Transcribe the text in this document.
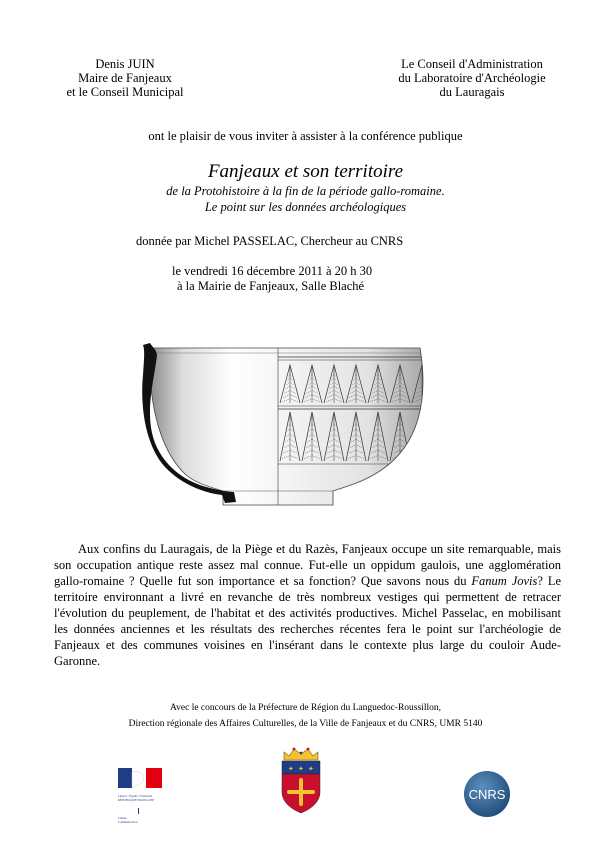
Denis JUIN
Maire de Fanjeaux
et le Conseil Municipal
Le Conseil d'Administration
du Laboratoire d'Archéologie
du Lauragais
ont le plaisir de vous inviter à assister à la conférence publique
Fanjeaux et son territoire
de la Protohistoire à la fin de la période gallo-romaine.
Le point sur les données archéologiques
donnée par Michel PASSELAC, Chercheur au CNRS
le vendredi 16 décembre 2011 à 20 h 30
à la Mairie de Fanjeaux, Salle Blaché

Aux confins du Lauragais, de la Piège et du Razès, Fanjeaux occupe un site remarquable, mais son occupation antique reste assez mal connue. Fut-elle un oppidum gaulois, une agglomération gallo-romaine ? Quelle fut son importance et sa fonction? Que savons nous du Fanum Jovis? Le territoire environnant a livré en revanche de très nombreux vestiges qui permettent de retracer l'évolution du peuplement, de l'habitat et des activités productives. Michel Passelac, en mobilisant les données anciennes et les résultats des recherches récentes fera le point sur l'archéologie de Fanjeaux et des communes voisines en l'insérant dans le contexte plus large du couloir Aude-Garonne.

Avec le concours de la Préfecture de Région du Languedoc-Roussillon,
Direction régionale des Affaires Culturelles, de la Ville de Fanjeaux et du CNRS, UMR 5140
Liberté • Égalité • Fraternité
RÉPUBLIQUE FRANÇAISE
Culture
Communication
✦ ✦ ✦
CNRS
